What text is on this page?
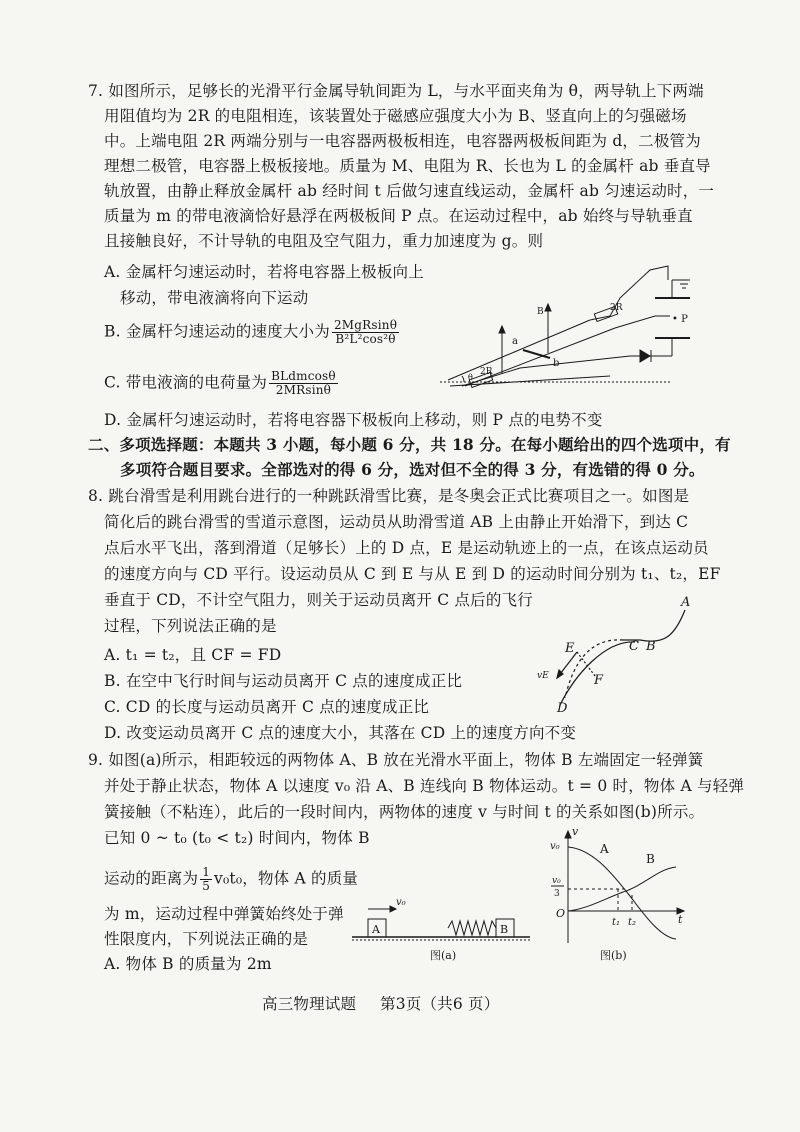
7. 如图所示，足够长的光滑平行金属导轨间距为 L，与水平面夹角为 θ，两导轨上下两端
用阻值均为 2R 的电阻相连，该装置处于磁感应强度大小为 B、竖直向上的匀强磁场
中。上端电阻 2R 两端分别与一电容器两极板相连，电容器两极板间距为 d，二极管为
理想二极管，电容器上极板接地。质量为 M、电阻为 R、长也为 L 的金属杆 ab 垂直导
轨放置，由静止释放金属杆 ab 经时间 t 后做匀速直线运动，金属杆 ab 匀速运动时，一
质量为 m 的带电液滴恰好悬浮在两极板间 P 点。在运动过程中，ab 始终与导轨垂直
且接触良好，不计导轨的电阻及空气阻力，重力加速度为 g。则
A. 金属杆匀速运动时，若将电容器上极板向上
移动，带电液滴将向下运动
B. 金属杆匀速运动的速度大小为 $\frac{\text{2MgRsinθ}}{\text{B²L²cos²θ}}$
C. 带电液滴的电荷量为 $\frac{\text{BLdmcosθ}}{2MRsin\theta}$
D. 金属杆匀速运动时，若将电容器下极板向上移动，则 P 点的电势不变
2R
2R
B
a
b
• P
θ
二、多项选择题：本题共 3 小题，每小题 6 分，共 18 分。在每小题给出的四个选项中，有
多项符合题目要求。全部选对的得 6 分，选对但不全的得 3 分，有选错的得 0 分。
8. 跳台滑雪是利用跳台进行的一种跳跃滑雪比赛，是冬奥会正式比赛项目之一。如图是
简化后的跳台滑雪的雪道示意图，运动员从助滑雪道 AB 上由静止开始滑下，到达 C
点后水平飞出，落到滑道（足够长）上的 D 点，E 是运动轨迹上的一点，在该点运动员
的速度方向与 CD 平行。设运动员从 C 到 E 与从 E 到 D 的运动时间分别为 t₁、t₂，EF
垂直于 CD，不计空气阻力，则关于运动员离开 C 点后的飞行
过程，下列说法正确的是
A. t₁ = t₂，且 CF = FD
B. 在空中飞行时间与运动员离开 C 点的速度成正比
C. CD 的长度与运动员离开 C 点的速度成正比
D. 改变运动员离开 C 点的速度大小，其落在 CD 上的速度方向不变
A
B
C
D
E
F
vE
9. 如图(a)所示，相距较远的两物体 A、B 放在光滑水平面上，物体 B 左端固定一轻弹簧
并处于静止状态，物体 A 以速度 v₀ 沿 A、B 连线向 B 物体运动。t = 0 时，物体 A 与轻弹
簧接触（不粘连），此后的一段时间内，两物体的速度 v 与时间 t 的关系如图(b)所示。
已知 0 ~ t₀ (t₀ < t₂) 时间内，物体 B
运动的距离为 $\frac{1}{5} v_0t_0$，物体 A 的质量
为 m，运动过程中弹簧始终处于弹
性限度内，下列说法正确的是
A. 物体 B 的质量为 2m
A	B
v₀
图(a)
v
v₀
v₀
3
O
t₁ t₂	t
A
B
图(b)
高三物理试题 第3页（共6 页）
